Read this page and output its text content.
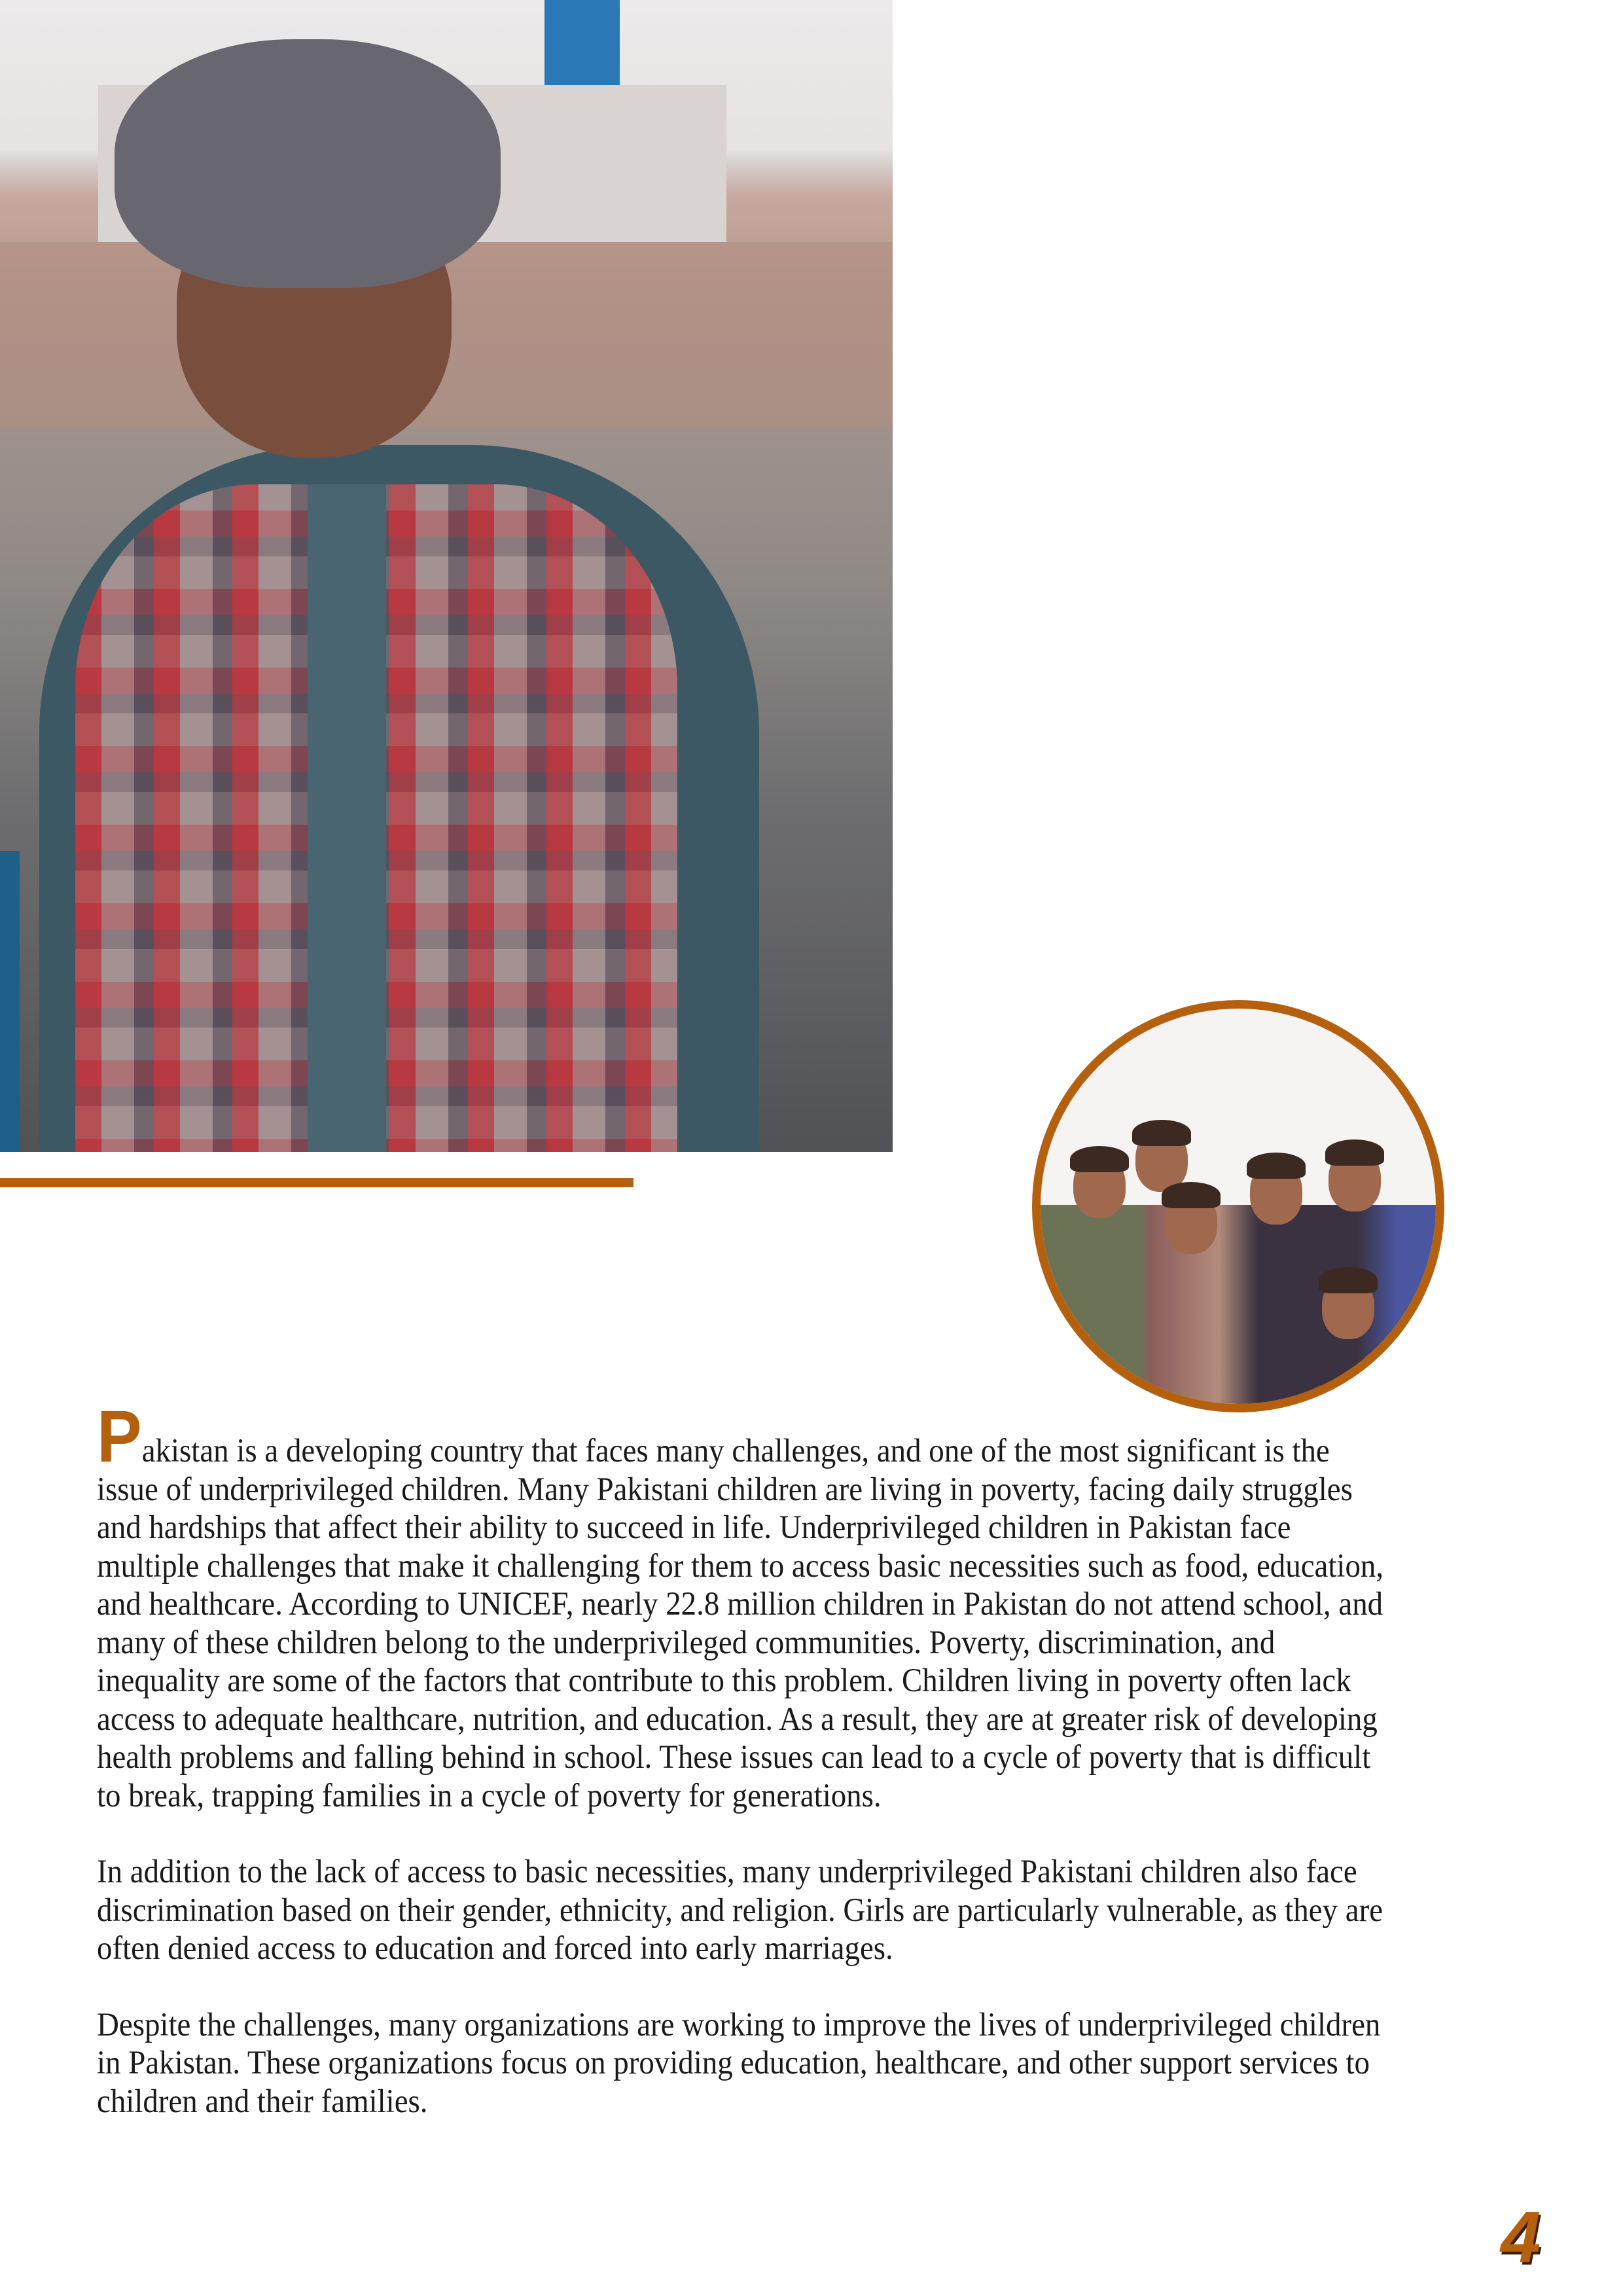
Pakistan is a developing country that faces many challenges, and one of the most significant is the issue of underprivileged children. Many Pakistani children are living in poverty, facing daily struggles and hardships that affect their ability to succeed in life. Underprivileged children in Pakistan face multiple challenges that make it challenging for them to access basic necessities such as food, education, and healthcare. According to UNICEF, nearly 22.8 million children in Pakistan do not attend school, and many of these children belong to the underprivileged communities. Poverty, discrimination, and inequality are some of the factors that contribute to this problem. Children living in poverty often lack access to adequate healthcare, nutrition, and education. As a result, they are at greater risk of developing health problems and falling behind in school. These issues can lead to a cycle of poverty that is difficult to break, trapping families in a cycle of poverty for generations.

In addition to the lack of access to basic necessities, many underprivileged Pakistani children also face discrimination based on their gender, ethnicity, and religion. Girls are particularly vulnerable, as they are often denied access to education and forced into early marriages.

Despite the challenges, many organizations are working to improve the lives of underprivileged children in Pakistan. These organizations focus on providing education, healthcare, and other support services to children and their families.

4
